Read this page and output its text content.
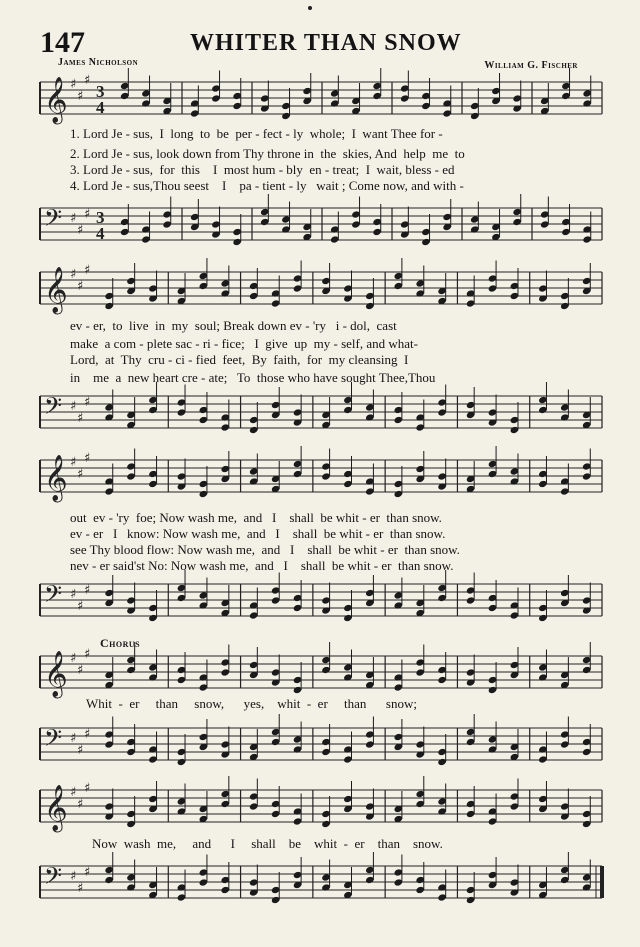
147	WHITER THAN SNOW
James Nicholson	William G. Fischer
𝄞 ♯
♯
♯
3
4
1. Lord Je - sus,  I  long  to  be  per - fect - ly  whole;  I  want Thee for -
2. Lord Je - sus, look down from Thy throne in  the  skies, And  help  me  to
3. Lord Je - sus,  for  this    I  most hum - bly  en - treat;  I  wait, bless - ed
4. Lord Je - sus,Thou seest    I    pa - tient - ly   wait ; Come now, and with -
𝄢 ♯
♯
♯ 3
4
𝄞 ♯
♯
♯
ev - er,  to  live  in  my  soul; Break down ev - 'ry   i - dol,  cast
make  a com - plete sac - ri - fice;   I  give  up  my - self, and what-
Lord,  at  Thy  cru - ci - fied  feet,  By  faith,  for  my cleansing  I
in    me  a  new heart cre - ate;   To  those who have sought Thee,Thou
𝄢 ♯
♯
♯
𝄞 ♯
♯
♯
out  ev - 'ry  foe; Now wash me,  and   I    shall  be whit - er  than snow.
ev - er   I   know: Now wash me,  and   I    shall  be whit - er  than snow.
see Thy blood flow: Now wash me,  and   I    shall  be whit - er  than snow.
nev - er said'st No: Now wash me,  and   I    shall  be whit - er  than snow.
𝄢 ♯
♯
♯
Chorus
𝄞 ♯
♯
♯
Whit  -  er     than     snow,      yes,    whit  -  er     than      snow;
𝄢 ♯
♯
♯
𝄞 ♯
♯
♯
Now  wash  me,     and      I     shall    be    whit  -  er    than    snow.
𝄢 ♯
♯
♯
